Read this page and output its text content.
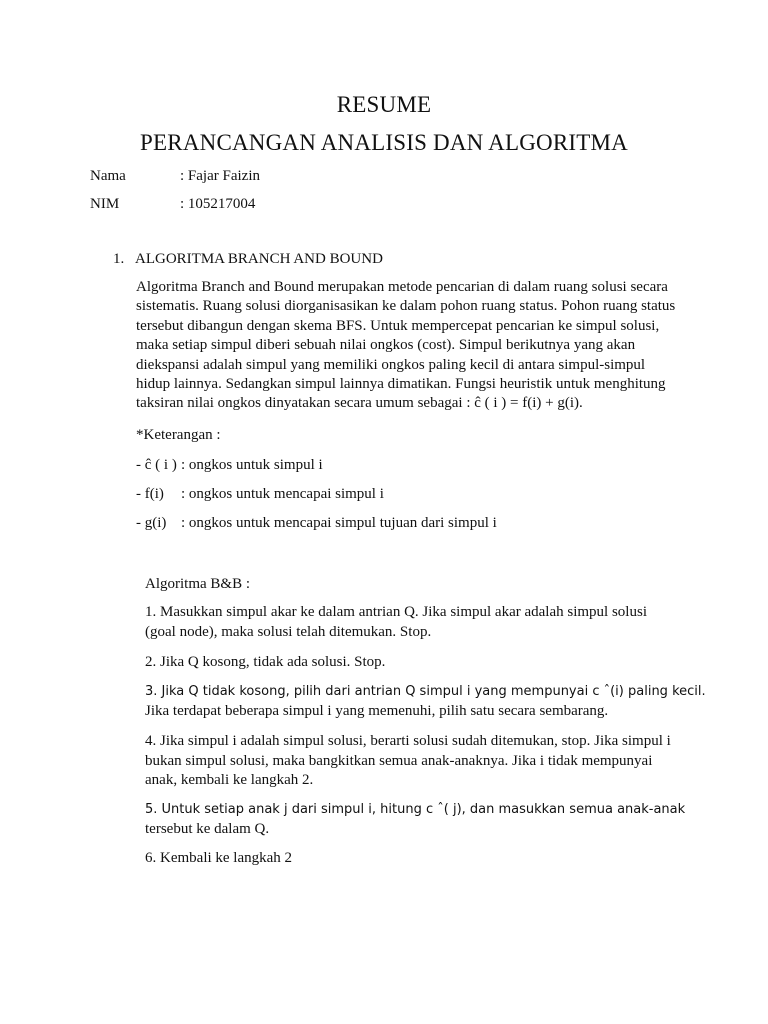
RESUME
PERANCANGAN ANALISIS DAN ALGORITMA
Nama	: Fajar Faizin
NIM	: 105217004
1. ALGORITMA BRANCH AND BOUND
Algoritma Branch and Bound merupakan metode pencarian di dalam ruang solusi secara
sistematis. Ruang solusi diorganisasikan ke dalam pohon ruang status. Pohon ruang status
tersebut dibangun dengan skema BFS. Untuk mempercepat pencarian ke simpul solusi,
maka setiap simpul diberi sebuah nilai ongkos (cost). Simpul berikutnya yang akan
diekspansi adalah simpul yang memiliki ongkos paling kecil di antara simpul-simpul
hidup lainnya. Sedangkan simpul lainnya dimatikan. Fungsi heuristik untuk menghitung
taksiran nilai ongkos dinyatakan secara umum sebagai : ĉ ( i ) = f(i) + g(i).
*Keterangan :
- ĉ ( i ): ongkos untuk simpul i
- f(i) : ongkos untuk mencapai simpul i
- g(i) : ongkos untuk mencapai simpul tujuan dari simpul i
Algoritma B&B :
1. Masukkan simpul akar ke dalam antrian Q. Jika simpul akar adalah simpul solusi
(goal node), maka solusi telah ditemukan. Stop.
2. Jika Q kosong, tidak ada solusi. Stop.
3. Jika Q tidak kosong, pilih dari antrian Q simpul i yang mempunyai c ˆ(i) paling kecil.
Jika terdapat beberapa simpul i yang memenuhi, pilih satu secara sembarang.
4. Jika simpul i adalah simpul solusi, berarti solusi sudah ditemukan, stop. Jika simpul i
bukan simpul solusi, maka bangkitkan semua anak-anaknya. Jika i tidak mempunyai
anak, kembali ke langkah 2.
5. Untuk setiap anak j dari simpul i, hitung c ˆ( j), dan masukkan semua anak-anak
tersebut ke dalam Q.
6. Kembali ke langkah 2
